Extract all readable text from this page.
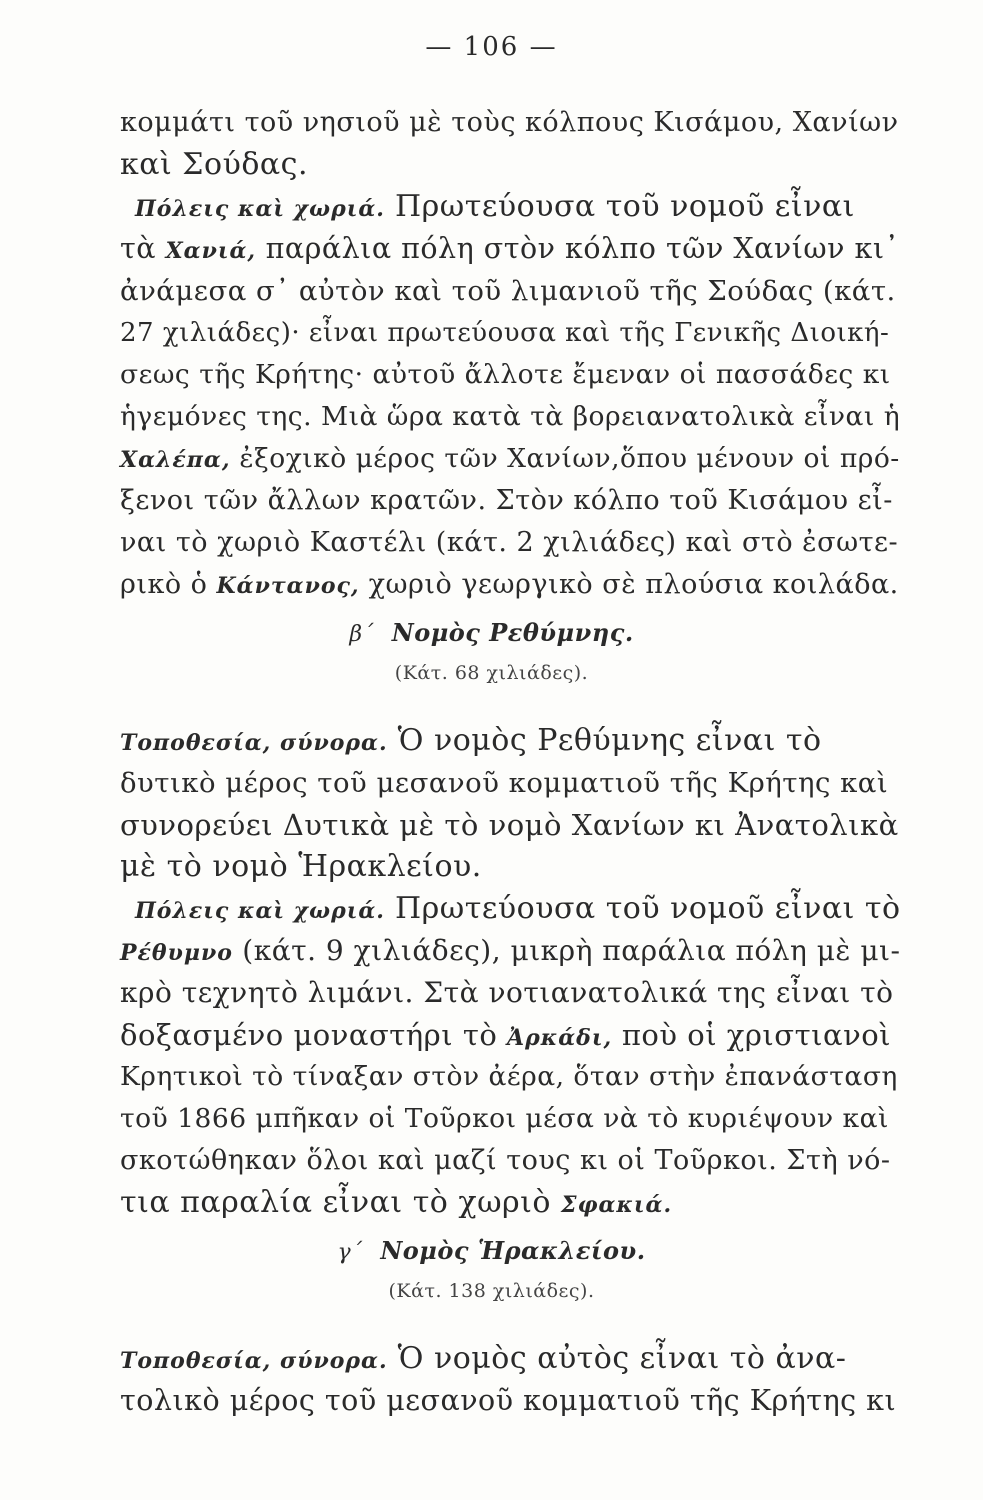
— 106 —
κομμάτι τοῦ νησιοῦ μὲ τοὺς κόλπους Κισάμου, Χανίων
καὶ Σούδας.
Πόλεις καὶ χωριά. Πρωτεύουσα τοῦ νομοῦ εἶναι
τὰ Χανιά, παράλια πόλη στὸν κόλπο τῶν Χανίων κι᾽
ἀνάμεσα σ᾽ αὐτὸν καὶ τοῦ λιμανιοῦ τῆς Σούδας (κάτ.
27 χιλιάδες)· εἶναι πρωτεύουσα καὶ τῆς Γενικῆς Διοική-
σεως τῆς Κρήτης· αὐτοῦ ἄλλοτε ἔμεναν οἱ πασσάδες κι
ἡγεμόνες της. Μιὰ ὥρα κατὰ τὰ βορειανατολικὰ εἶναι ἡ
Χαλέπα, ἐξοχικὸ μέρος τῶν Χανίων,ὅπου μένουν οἱ πρό-
ξενοι τῶν ἄλλων κρατῶν. Στὸν κόλπο τοῦ Κισάμου εἶ-
ναι τὸ χωριὸ Καστέλι (κάτ. 2 χιλιάδες) καὶ στὸ ἐσωτε-
ρικὸ ὁ Κάντανος, χωριὸ γεωργικὸ σὲ πλούσια κοιλάδα.
β΄ Νομὸς Ρεθύμνης.
(Κάτ. 68 χιλιάδες).
Τοποθεσία, σύνορα. Ὁ νομὸς Ρεθύμνης εἶναι τὸ
δυτικὸ μέρος τοῦ μεσανοῦ κομματιοῦ τῆς Κρήτης καὶ
συνορεύει Δυτικὰ μὲ τὸ νομὸ Χανίων κι Ἀνατολικὰ
μὲ τὸ νομὸ Ἡρακλείου.
Πόλεις καὶ χωριά. Πρωτεύουσα τοῦ νομοῦ εἶναι τὸ
Ρέθυμνο (κάτ. 9 χιλιάδες), μικρὴ παράλια πόλη μὲ μι-
κρὸ τεχνητὸ λιμάνι. Στὰ νοτιανατολικά της εἶναι τὸ
δοξασμένο μοναστήρι τὸ Ἀρκάδι, ποὺ οἱ χριστιανοὶ
Κρητικοὶ τὸ τίναξαν στὸν ἀέρα, ὅταν στὴν ἐπανάσταση
τοῦ 1866 μπῆκαν οἱ Τοῦρκοι μέσα νὰ τὸ κυριέψουν καὶ
σκοτώθηκαν ὅλοι καὶ μαζί τους κι οἱ Τοῦρκοι. Στὴ νό-
τια παραλία εἶναι τὸ χωριὸ Σφακιά.
γ΄ Νομὸς Ἡρακλείου.
(Κάτ. 138 χιλιάδες).
Τοποθεσία, σύνορα. Ὁ νομὸς αὐτὸς εἶναι τὸ ἀνα-
τολικὸ μέρος τοῦ μεσανοῦ κομματιοῦ τῆς Κρήτης κι
